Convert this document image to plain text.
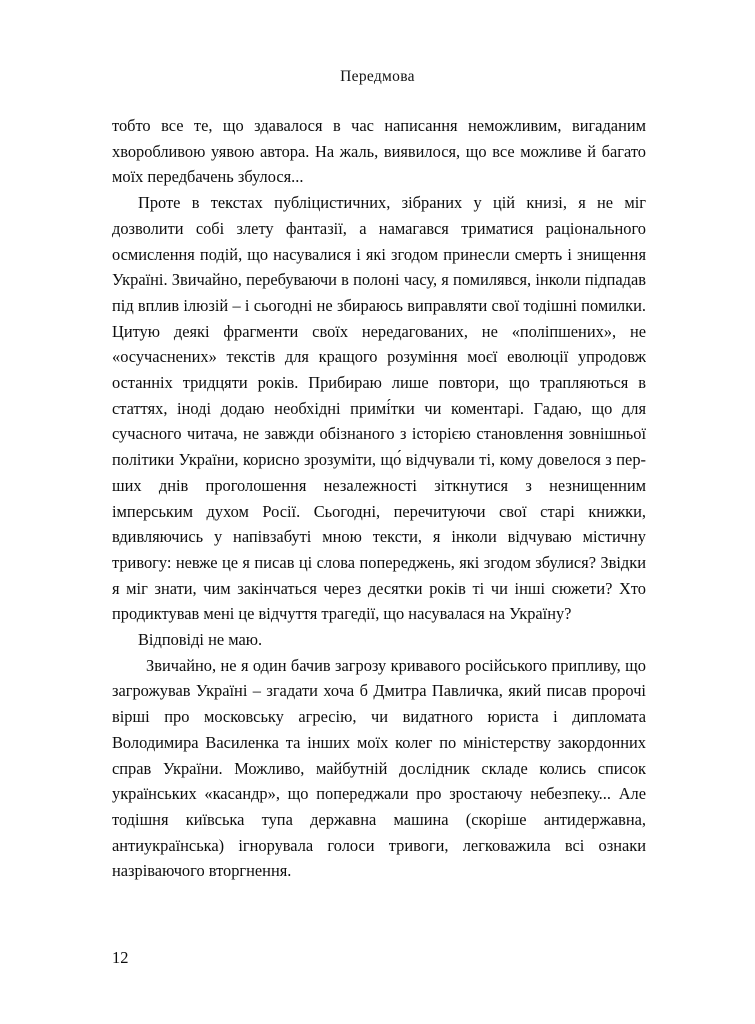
Передмова

тобто все те, що здавалося в час написання неможливим, вигаданим хворобливою уявою автора. На жаль, виявилося, що все можливе й багато моїх передбачень збулося...

Проте в текстах публіцистичних, зібраних у цій книзі, я не міг дозволити собі злету фантазії, а намагався триматися раціонального осмислення подій, що насувалися і які згодом принесли смерть і знищення Україні. Звичайно, перебуваючи в полоні часу, я помилявся, інколи підпадав під вплив ілюзій – і сьогодні не збираюсь виправляти свої тодішні помилки. Цитую деякі фрагменти своїх нередагованих, не «поліпшених», не «осучаснених» текстів для кращого розуміння моєї еволюції упродовж останніх тридцяти років. Прибираю лише повтори, що трапляються в статтях, іноді додаю необхідні примі́тки чи коментарі. Гадаю, що для сучасного читача, не завжди обізнаного з історією становлення зовнішньої політики України, корисно зрозуміти, що́ відчували ті, кому довелося з перших днів проголошення незалежності зіткнутися з незнищенним імперським духом Росії. Сьогодні, перечитуючи свої старі книжки, вдивляючись у напівзабуті мною тексти, я інколи відчуваю містичну тривогу: невже це я писав ці слова попереджень, які згодом збулися? Звідки я міг знати, чим закінчаться через десятки років ті чи інші сюжети? Хто продиктував мені це відчуття трагедії, що насувалася на Україну?

Відповіді не маю.

Звичайно, не я один бачив загрозу кривавого російського припливу, що загрожував Україні – згадати хоча б Дмитра Павличка, який писав пророчі вірші про московську агресію, чи видатного юриста і дипломата Володимира Василенка та інших моїх колег по міністерству закордонних справ України. Можливо, майбутній дослідник складе колись список українських «касандр», що попереджали про зростаючу небезпеку... Але тодішня київська тупа державна машина (скоріше антидержавна, антиукраїнська) ігнорувала голоси тривоги, легковажила всі ознаки назріваючого вторгнення.

12
